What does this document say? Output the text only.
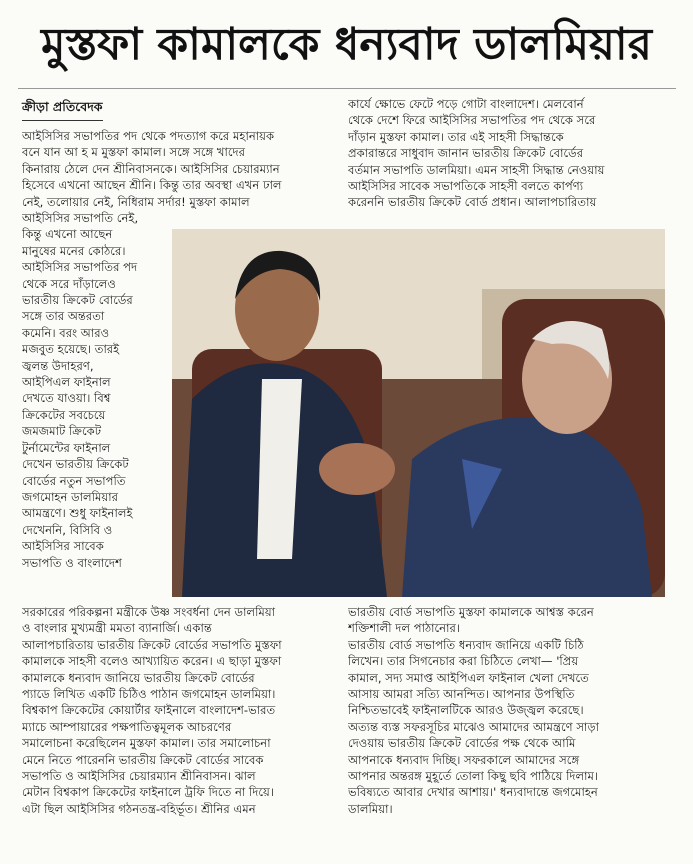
মুস্তফা কামালকে ধন্যবাদ ডালমিয়ার
ক্রীড়া প্রতিবেদক
আইসিসির সভাপতির পদ থেকে পদত্যাগ করে মহানায়ক
বনে যান আ হ ম মুস্তফা কামাল। সঙ্গে সঙ্গে খাদের
কিনারায় ঠেলে দেন শ্রীনিবাসনকে। আইসিসির চেয়ারম্যান
হিসেবে এখনো আছেন শ্রীনি। কিন্তু তার অবস্থা এখন ঢাল
নেই, তলোয়ার নেই, নিধিরাম সর্দার! মুস্তফা কামাল
আইসিসির সভাপতি নেই,
কিন্তু এখনো আছেন
মানুষের মনের কোঠরে।
আইসিসির সভাপতির পদ
থেকে সরে দাঁড়ালেও
ভারতীয় ক্রিকেট বোর্ডের
সঙ্গে তার অন্তরতা
কমেনি। বরং আরও
মজবুত হয়েছে। তারই
জ্বলন্ত উদাহরণ,
আইপিএল ফাইনাল
দেখতে যাওয়া। বিশ্ব
ক্রিকেটের সবচেয়ে
জমজমাট ক্রিকেট
টুর্নামেন্টের ফাইনাল
দেখেন ভারতীয় ক্রিকেট
বোর্ডের নতুন সভাপতি
জগমোহন ডালমিয়ার
আমন্ত্রণে। শুধু ফাইনালই
দেখেননি, বিসিবি ও
আইসিসির সাবেক
সভাপতি ও বাংলাদেশ
সরকারের পরিকল্পনা মন্ত্রীকে উষ্ণ সংবর্ধনা দেন ডালমিয়া
ও বাংলার মুখ্যমন্ত্রী মমতা ব্যানার্জি। একান্ত
আলাপচারিতায় ভারতীয় ক্রিকেট বোর্ডের সভাপতি মুস্তফা
কামালকে সাহসী বলেও আখ্যায়িত করেন। এ ছাড়া মুস্তফা
কামালকে ধন্যবাদ জানিয়ে ভারতীয় ক্রিকেট বোর্ডের
প্যাডে লিখিত একটি চিঠিও পাঠান জগমোহন ডালমিয়া।
বিশ্বকাপ ক্রিকেটের কোয়ার্টার ফাইনালে বাংলাদেশ-ভারত
ম্যাচে আম্পায়ারের পক্ষপাতিত্বমূলক আচরণের
সমালোচনা করেছিলেন মুস্তফা কামাল। তার সমালোচনা
মেনে নিতে পারেননি ভারতীয় ক্রিকেট বোর্ডের সাবেক
সভাপতি ও আইসিসির চেয়ারম্যান শ্রীনিবাসন। ঝাল
মেটান বিশ্বকাপ ক্রিকেটের ফাইনালে ট্রফি দিতে না দিয়ে।
এটা ছিল আইসিসির গঠনতন্ত্র-বহির্ভূত। শ্রীনির এমন
কার্যে ক্ষোভে ফেটে পড়ে গোটা বাংলাদেশ। মেলবোর্ন
থেকে দেশে ফিরে আইসিসির সভাপতির পদ থেকে সরে
দাঁড়ান মুস্তফা কামাল। তার এই সাহসী সিদ্ধান্তকে
প্রকারান্তরে সাধুবাদ জানান ভারতীয় ক্রিকেট বোর্ডের
বর্তমান সভাপতি ডালমিয়া। এমন সাহসী সিদ্ধান্ত নেওয়ায়
আইসিসির সাবেক সভাপতিকে সাহসী বলতে কার্পণ্য
করেননি ভারতীয় ক্রিকেট বোর্ড প্রধান। আলাপচারিতায়
ভারতীয় বোর্ড সভাপতি মুস্তফা কামালকে আশ্বস্ত করেন
শক্তিশালী দল পাঠানোর।
ভারতীয় বোর্ড সভাপতি ধন্যবাদ জানিয়ে একটি চিঠি
লিখেন। তার সিগনেচার করা চিঠিতে লেখা— 'প্রিয়
কামাল, সদ্য সমাপ্ত আইপিএল ফাইনাল খেলা দেখতে
আসায় আমরা সত্যি আনন্দিত। আপনার উপস্থিতি
নিশ্চিতভাবেই ফাইনালটিকে আরও উজ্জ্বল করেছে।
অত্যন্ত ব্যস্ত সফরসূচির মাঝেও আমাদের আমন্ত্রণে সাড়া
দেওয়ায় ভারতীয় ক্রিকেট বোর্ডের পক্ষ থেকে আমি
আপনাকে ধন্যবাদ দিচ্ছি। সফরকালে আমাদের সঙ্গে
আপনার অন্তরঙ্গ মুহূর্তে তোলা কিছু ছবি পাঠিয়ে দিলাম।
ভবিষ্যতে আবার দেখার আশায়।' ধন্যবাদান্তে জগমোহন
ডালমিয়া।
